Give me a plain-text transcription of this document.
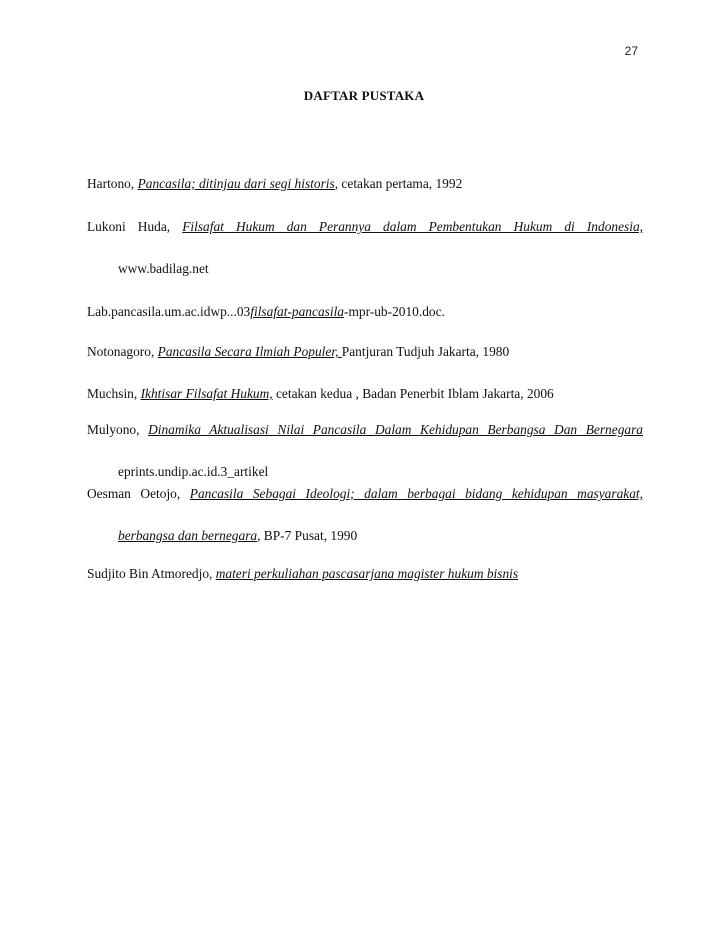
27
DAFTAR PUSTAKA
Hartono, Pancasila; ditinjau dari segi historis, cetakan pertama, 1992
Lukoni Huda, Filsafat Hukum dan Perannya dalam Pembentukan Hukum di Indonesia,
www.badilag.net
Lab.pancasila.um.ac.idwp...03filsafat-pancasila-mpr-ub-2010.doc.
Notonagoro, Pancasila Secara Ilmiah Populer, Pantjuran Tudjuh Jakarta, 1980
Muchsin, Ikhtisar Filsafat Hukum, cetakan kedua , Badan Penerbit Iblam Jakarta, 2006
Mulyono, Dinamika Aktualisasi Nilai Pancasila Dalam Kehidupan Berbangsa Dan Bernegara
eprints.undip.ac.id.3_artikel
Oesman Oetojo, Pancasila Sebagai Ideologi; dalam berbagai bidang kehidupan masyarakat,
berbangsa dan bernegara, BP-7 Pusat, 1990
Sudjito Bin Atmoredjo, materi perkuliahan pascasarjana magister hukum bisnis
